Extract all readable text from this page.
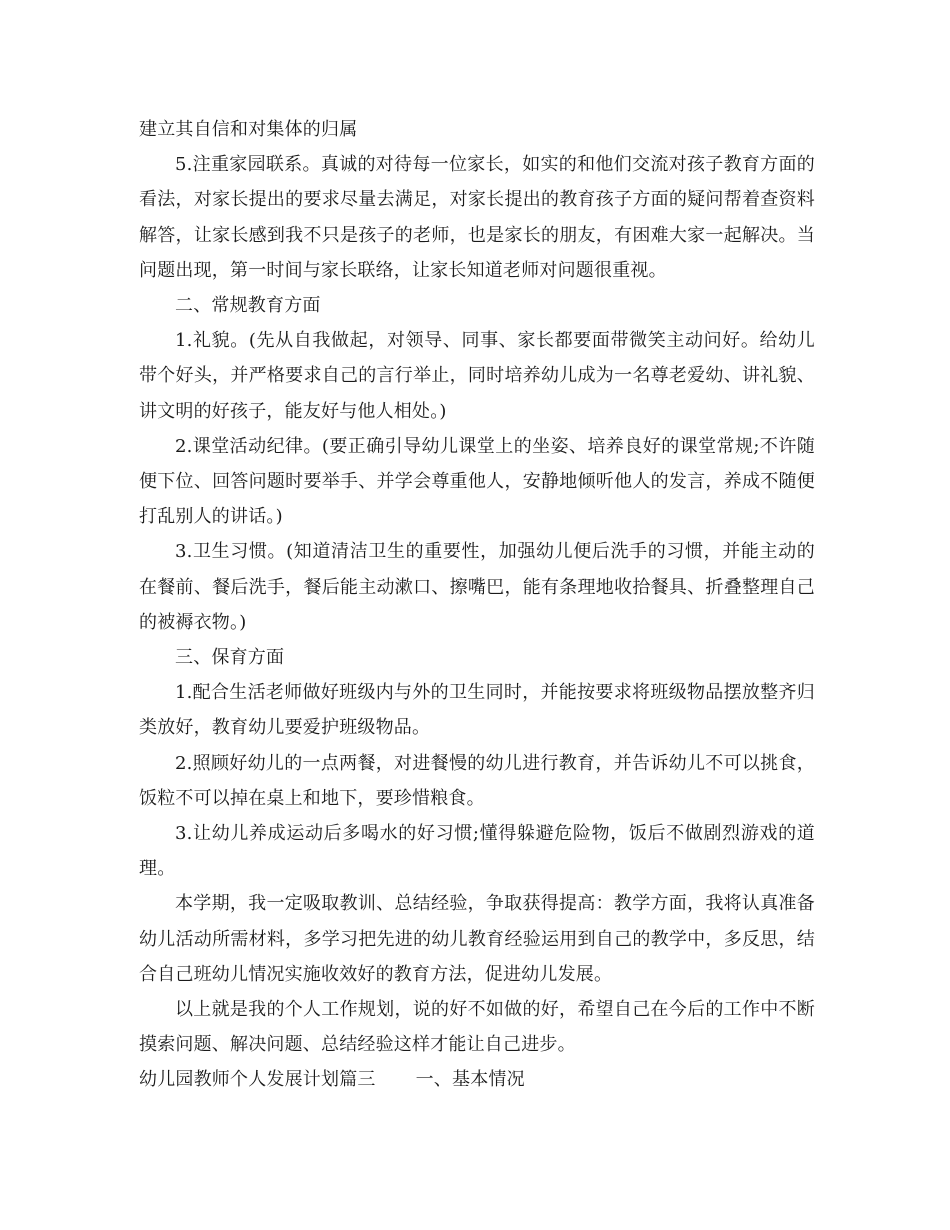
建立其自信和对集体的归属

5.注重家园联系。真诚的对待每一位家长，如实的和他们交流对孩子教育方面的看法，对家长提出的要求尽量去满足，对家长提出的教育孩子方面的疑问帮着查资料解答，让家长感到我不只是孩子的老师，也是家长的朋友，有困难大家一起解决。当问题出现，第一时间与家长联络，让家长知道老师对问题很重视。

二、常规教育方面

1.礼貌。(先从自我做起，对领导、同事、家长都要面带微笑主动问好。给幼儿带个好头，并严格要求自己的言行举止，同时培养幼儿成为一名尊老爱幼、讲礼貌、讲文明的好孩子，能友好与他人相处。)

2.课堂活动纪律。(要正确引导幼儿课堂上的坐姿、培养良好的课堂常规;不许随便下位、回答问题时要举手、并学会尊重他人，安静地倾听他人的发言，养成不随便打乱别人的讲话。)

3.卫生习惯。(知道清洁卫生的重要性，加强幼儿便后洗手的习惯，并能主动的在餐前、餐后洗手，餐后能主动漱口、擦嘴巴，能有条理地收拾餐具、折叠整理自己的被褥衣物。)

三、保育方面

1.配合生活老师做好班级内与外的卫生同时，并能按要求将班级物品摆放整齐归类放好，教育幼儿要爱护班级物品。

2.照顾好幼儿的一点两餐，对进餐慢的幼儿进行教育，并告诉幼儿不可以挑食，饭粒不可以掉在桌上和地下，要珍惜粮食。

3.让幼儿养成运动后多喝水的好习惯;懂得躲避危险物，饭后不做剧烈游戏的道理。

本学期，我一定吸取教训、总结经验，争取获得提高：教学方面，我将认真准备幼儿活动所需材料，多学习把先进的幼儿教育经验运用到自己的教学中，多反思，结合自己班幼儿情况实施收效好的教育方法，促进幼儿发展。

以上就是我的个人工作规划，说的好不如做的好，希望自己在今后的工作中不断摸索问题、解决问题、总结经验这样才能让自己进步。

幼儿园教师个人发展计划篇三 一、基本情况
